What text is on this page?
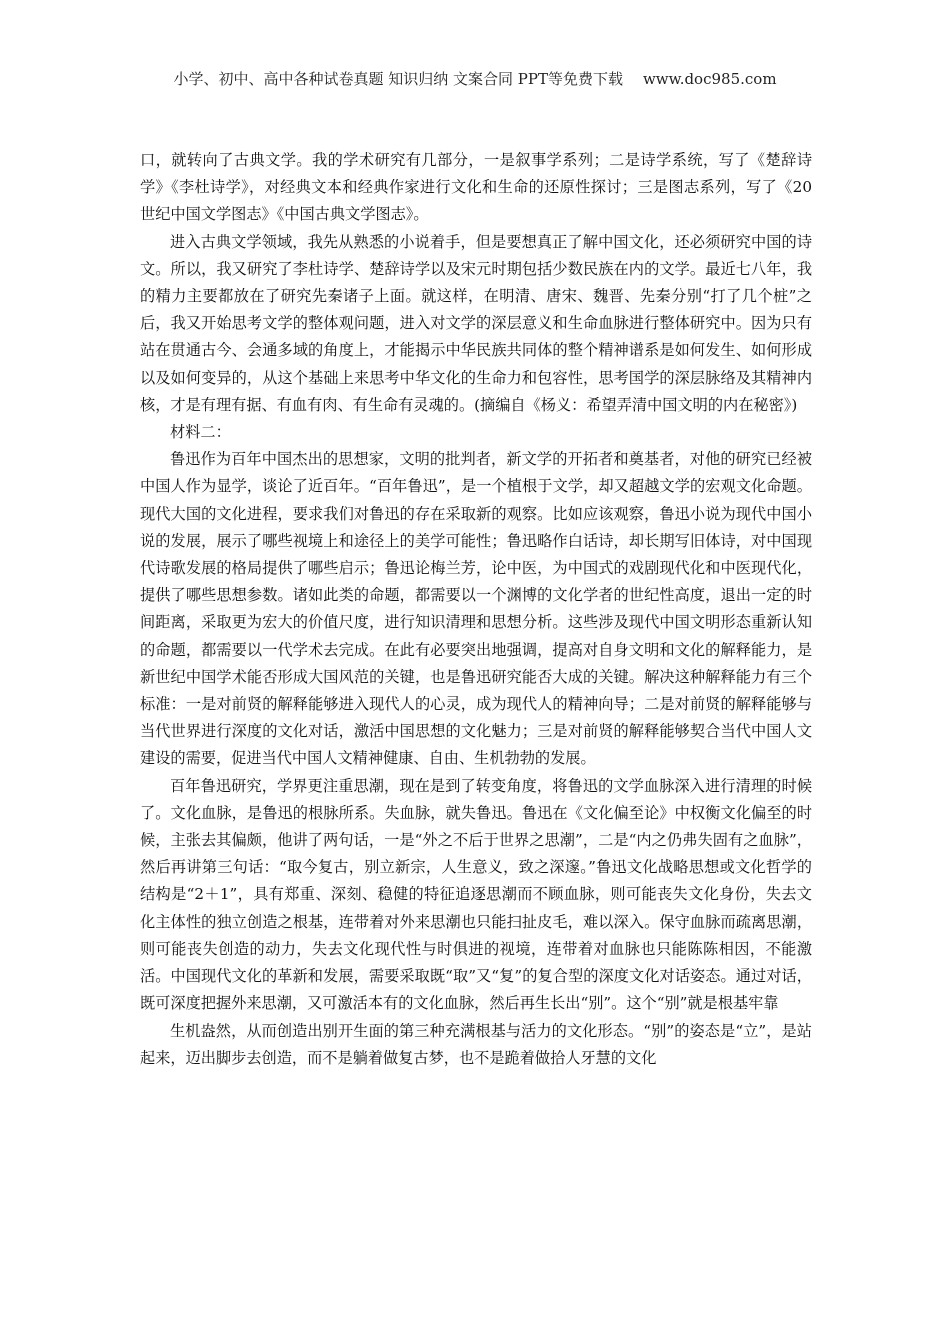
小学、初中、高中各种试卷真题 知识归纳 文案合同 PPT等免费下载 www.doc985.com

口，就转向了古典文学。我的学术研究有几部分，一是叙事学系列；二是诗学系统，写了《楚辞诗学》《李杜诗学》，对经典文本和经典作家进行文化和生命的还原性探讨；三是图志系列，写了《20世纪中国文学图志》《中国古典文学图志》。

进入古典文学领域，我先从熟悉的小说着手，但是要想真正了解中国文化，还必须研究中国的诗文。所以，我又研究了李杜诗学、楚辞诗学以及宋元时期包括少数民族在内的文学。最近七八年，我的精力主要都放在了研究先秦诸子上面。就这样，在明清、唐宋、魏晋、先秦分别“打了几个桩”之后，我又开始思考文学的整体观问题，进入对文学的深层意义和生命血脉进行整体研究中。因为只有站在贯通古今、会通多域的角度上，才能揭示中华民族共同体的整个精神谱系是如何发生、如何形成以及如何变异的，从这个基础上来思考中华文化的生命力和包容性，思考国学的深层脉络及其精神内核，才是有理有据、有血有肉、有生命有灵魂的。(摘编自《杨义：希望弄清中国文明的内在秘密》)

材料二：

鲁迅作为百年中国杰出的思想家，文明的批判者，新文学的开拓者和奠基者，对他的研究已经被中国人作为显学，谈论了近百年。“百年鲁迅”，是一个植根于文学，却又超越文学的宏观文化命题。现代大国的文化进程，要求我们对鲁迅的存在采取新的观察。比如应该观察，鲁迅小说为现代中国小说的发展，展示了哪些视境上和途径上的美学可能性；鲁迅略作白话诗，却长期写旧体诗，对中国现代诗歌发展的格局提供了哪些启示；鲁迅论梅兰芳，论中医，为中国式的戏剧现代化和中医现代化，提供了哪些思想参数。诸如此类的命题，都需要以一个渊博的文化学者的世纪性高度，退出一定的时间距离，采取更为宏大的价值尺度，进行知识清理和思想分析。这些涉及现代中国文明形态重新认知的命题，都需要以一代学术去完成。在此有必要突出地强调，提高对自身文明和文化的解释能力，是新世纪中国学术能否形成大国风范的关键，也是鲁迅研究能否大成的关键。解决这种解释能力有三个标准：一是对前贤的解释能够进入现代人的心灵，成为现代人的精神向导；二是对前贤的解释能够与当代世界进行深度的文化对话，激活中国思想的文化魅力；三是对前贤的解释能够契合当代中国人文建设的需要，促进当代中国人文精神健康、自由、生机勃勃的发展。

百年鲁迅研究，学界更注重思潮，现在是到了转变角度，将鲁迅的文学血脉深入进行清理的时候了。文化血脉，是鲁迅的根脉所系。失血脉，就失鲁迅。鲁迅在《文化偏至论》中权衡文化偏至的时候，主张去其偏颇，他讲了两句话，一是“外之不后于世界之思潮”，二是“内之仍弗失固有之血脉”，然后再讲第三句话：“取今复古，别立新宗，人生意义，致之深邃。”鲁迅文化战略思想或文化哲学的结构是“2＋1”，具有郑重、深刻、稳健的特征追逐思潮而不顾血脉，则可能丧失文化身份，失去文化主体性的独立创造之根基，连带着对外来思潮也只能扫扯皮毛，难以深入。保守血脉而疏离思潮，则可能丧失创造的动力，失去文化现代性与时俱进的视境，连带着对血脉也只能陈陈相因，不能激活。中国现代文化的革新和发展，需要采取既“取”又“复”的复合型的深度文化对话姿态。通过对话，既可深度把握外来思潮，又可激活本有的文化血脉，然后再生长出“别”。这个“别”就是根基牢靠

生机盎然，从而创造出别开生面的第三种充满根基与活力的文化形态。“别”的姿态是“立”，是站起来，迈出脚步去创造，而不是躺着做复古梦，也不是跪着做拾人牙慧的文化
